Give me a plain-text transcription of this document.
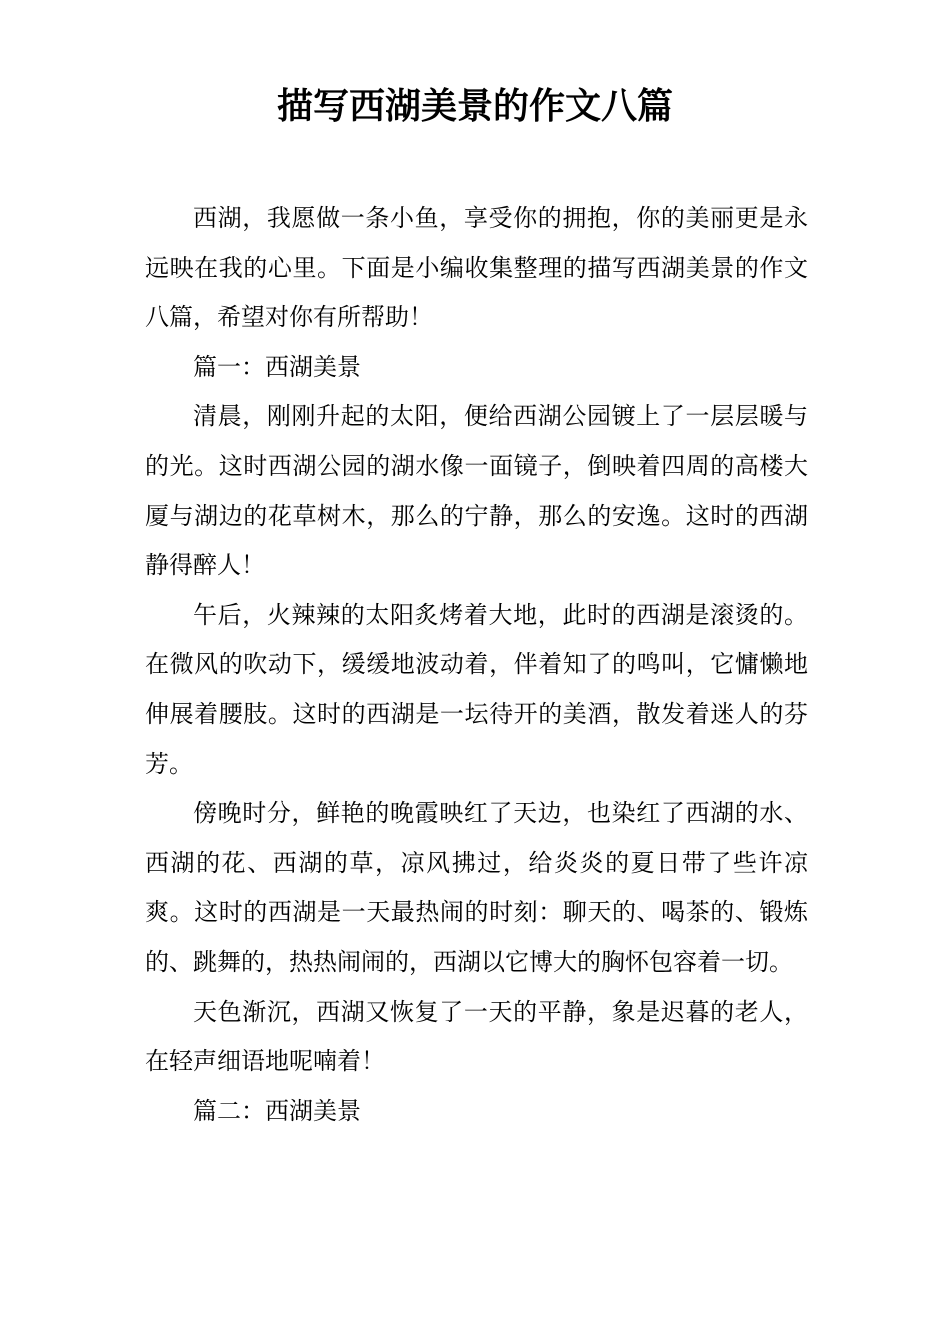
描写西湖美景的作文八篇

西湖，我愿做一条小鱼，享受你的拥抱，你的美丽更是永远映在我的心里。下面是小编收集整理的描写西湖美景的作文八篇，希望对你有所帮助！

篇一：西湖美景

清晨，刚刚升起的太阳，便给西湖公园镀上了一层层暖与的光。这时西湖公园的湖水像一面镜子，倒映着四周的高楼大厦与湖边的花草树木，那么的宁静，那么的安逸。这时的西湖静得醉人！

午后，火辣辣的太阳炙烤着大地，此时的西湖是滚烫的。在微风的吹动下，缓缓地波动着，伴着知了的鸣叫，它慵懒地伸展着腰肢。这时的西湖是一坛待开的美酒，散发着迷人的芬芳。

傍晚时分，鲜艳的晚霞映红了天边，也染红了西湖的水、西湖的花、西湖的草，凉风拂过，给炎炎的夏日带了些许凉爽。这时的西湖是一天最热闹的时刻：聊天的、喝茶的、锻炼的、跳舞的，热热闹闹的，西湖以它博大的胸怀包容着一切。

天色渐沉，西湖又恢复了一天的平静，象是迟暮的老人，在轻声细语地呢喃着！

篇二：西湖美景
